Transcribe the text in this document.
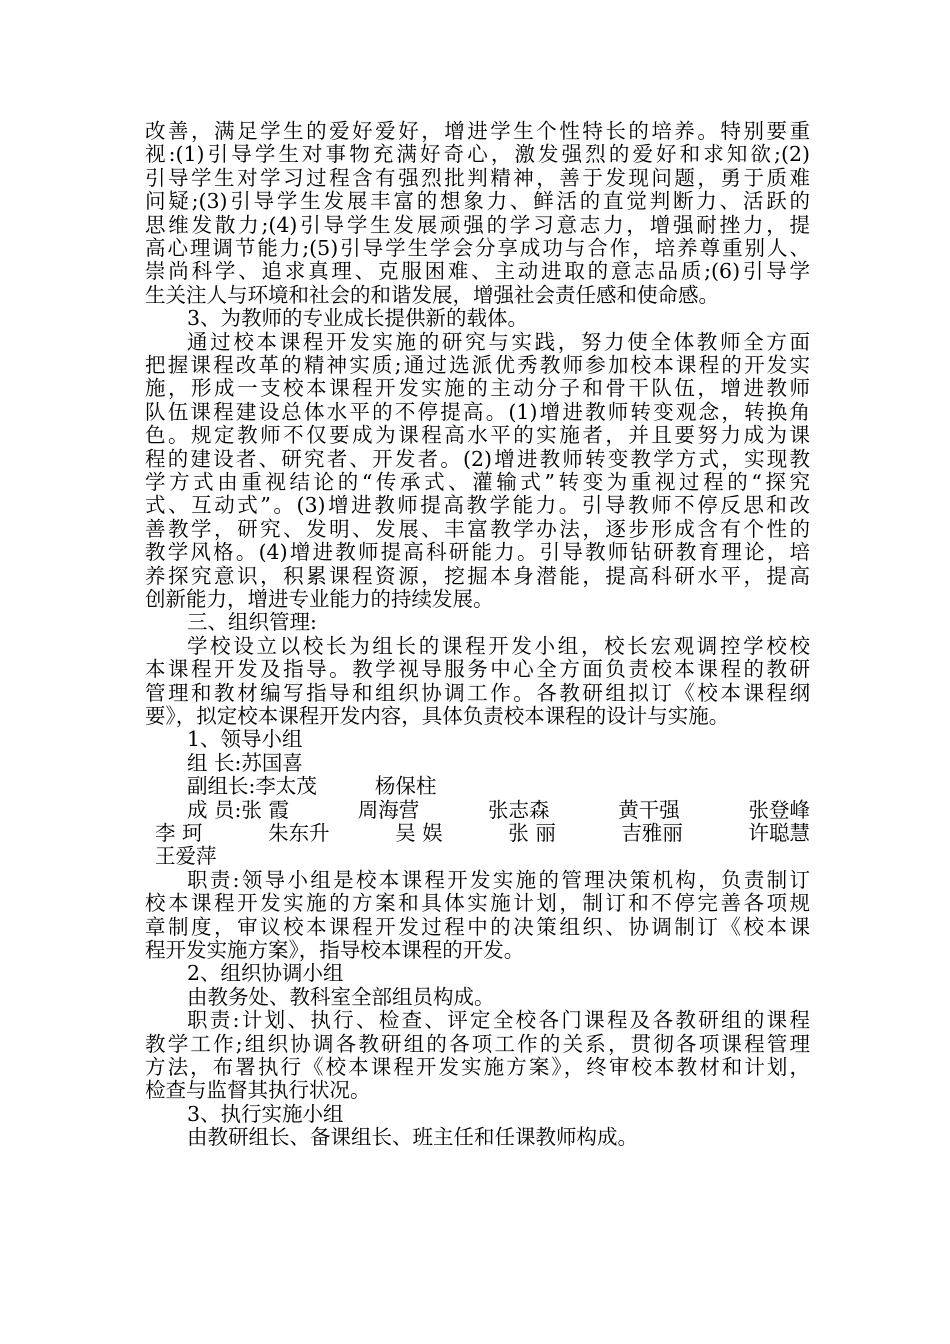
改善，满足学生的爱好爱好，增进学生个性特长的培养。特别要重
视:(1)引导学生对事物充满好奇心，激发强烈的爱好和求知欲;(2)
引导学生对学习过程含有强烈批判精神，善于发现问题，勇于质难
问疑;(3)引导学生发展丰富的想象力、鲜活的直觉判断力、活跃的
思维发散力;(4)引导学生发展顽强的学习意志力，增强耐挫力，提
高心理调节能力;(5)引导学生学会分享成功与合作，培养尊重别人、
崇尚科学、追求真理、克服困难、主动进取的意志品质;(6)引导学
生关注人与环境和社会的和谐发展，增强社会责任感和使命感。
3、为教师的专业成长提供新的载体。
通过校本课程开发实施的研究与实践，努力使全体教师全方面
把握课程改革的精神实质;通过选派优秀教师参加校本课程的开发实
施，形成一支校本课程开发实施的主动分子和骨干队伍，增进教师
队伍课程建设总体水平的不停提高。(1)增进教师转变观念，转换角
色。规定教师不仅要成为课程高水平的实施者，并且要努力成为课
程的建设者、研究者、开发者。(2)增进教师转变教学方式，实现教
学方式由重视结论的“传承式、灌输式”转变为重视过程的“探究
式、互动式”。(3)增进教师提高教学能力。引导教师不停反思和改
善教学，研究、发明、发展、丰富教学办法，逐步形成含有个性的
教学风格。(4)增进教师提高科研能力。引导教师钻研教育理论，培
养探究意识，积累课程资源，挖掘本身潜能，提高科研水平，提高
创新能力，增进专业能力的持续发展。
三、组织管理:
学校设立以校长为组长的课程开发小组，校长宏观调控学校校
本课程开发及指导。教学视导服务中心全方面负责校本课程的教研
管理和教材编写指导和组织协调工作。各教研组拟订《校本课程纲
要》，拟定校本课程开发内容，具体负责校本课程的设计与实施。
1、领导小组
组 长:苏国喜
副组长:李太茂	杨保柱
成 员:张 霞	周海营	张志森	黄干强	张登峰
李 珂	朱东升	吴 娱	张 丽	吉雅丽	许聪慧
王爱萍
职责:领导小组是校本课程开发实施的管理决策机构，负责制订
校本课程开发实施的方案和具体实施计划，制订和不停完善各项规
章制度，审议校本课程开发过程中的决策组织、协调制订《校本课
程开发实施方案》，指导校本课程的开发。
2、组织协调小组
由教务处、教科室全部组员构成。
职责:计划、执行、检查、评定全校各门课程及各教研组的课程
教学工作;组织协调各教研组的各项工作的关系，贯彻各项课程管理
方法，布署执行《校本课程开发实施方案》，终审校本教材和计划，
检查与监督其执行状况。
3、执行实施小组
由教研组长、备课组长、班主任和任课教师构成。
